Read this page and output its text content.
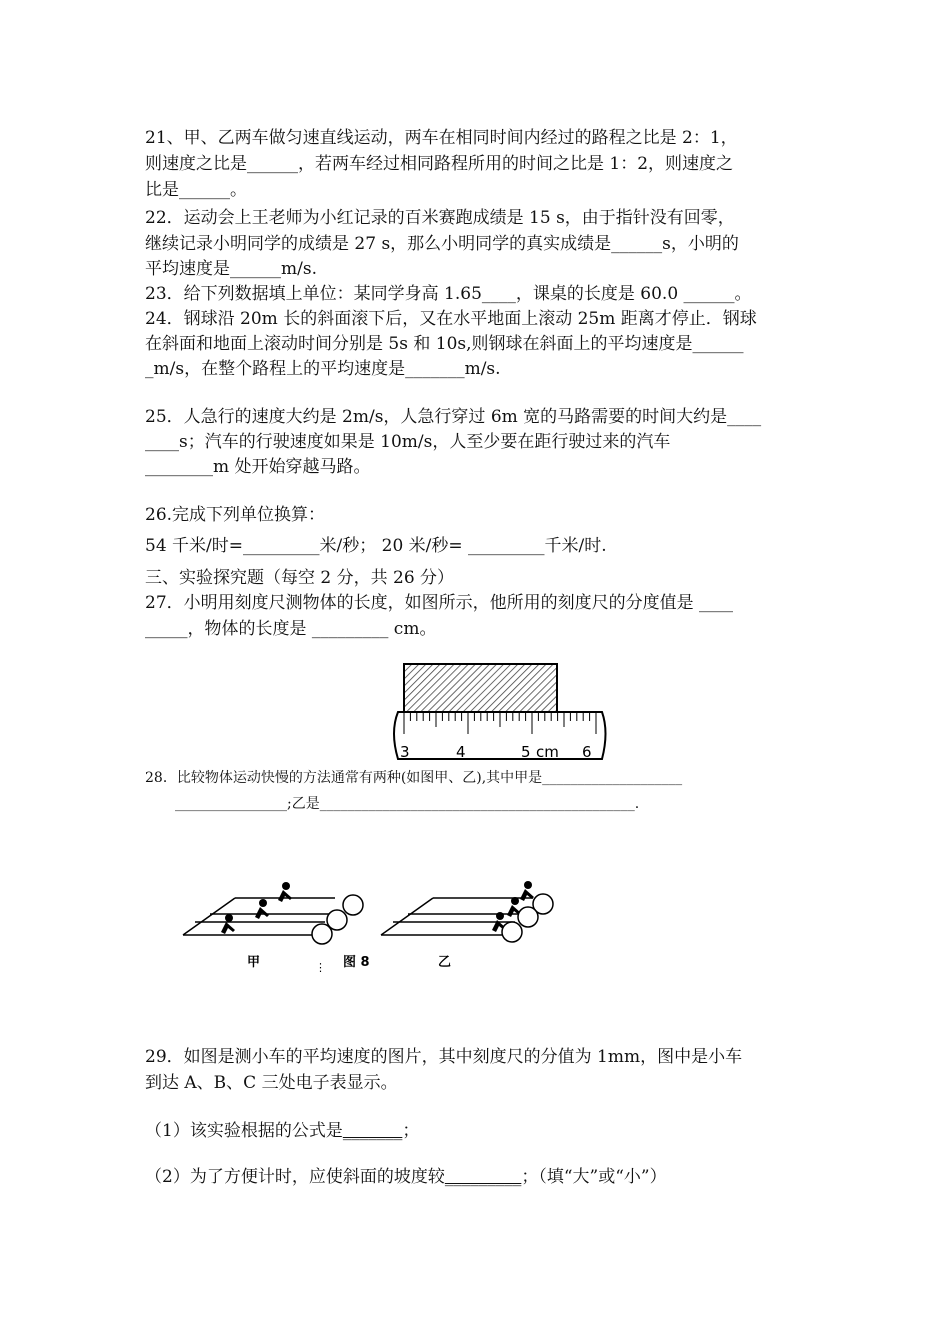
21、甲、乙两车做匀速直线运动，两车在相同时间内经过的路程之比是 2：1，
则速度之比是______，若两车经过相同路程所用的时间之比是 1：2，则速度之
比是______。
22．运动会上王老师为小红记录的百米赛跑成绩是 15 s，由于指针没有回零，
继续记录小明同学的成绩是 27 s，那么小明同学的真实成绩是______s，小明的
平均速度是______m/s.
23．给下列数据填上单位：某同学身高 1.65____，课桌的长度是 60.0 ______。
24．钢球沿 20m 长的斜面滚下后，又在水平地面上滚动 25m 距离才停止．钢球
在斜面和地面上滚动时间分别是 5s 和 10s,则钢球在斜面上的平均速度是______
_m/s，在整个路程上的平均速度是_______m/s.
25．人急行的速度大约是 2m/s，人急行穿过 6m 宽的马路需要的时间大约是____
____s；汽车的行驶速度如果是 10m/s，人至少要在距行驶过来的汽车
________m 处开始穿越马路。
26.完成下列单位换算：
54 千米/时=_________米/秒； 20 米/秒= _________千米/时.
三、实验探究题（每空 2 分，共 26 分）
27．小明用刻度尺测物体的长度，如图所示，他所用的刻度尺的分度值是 ____
_____，物体的长度是 _________ cm。
3	4	5 cm 6
28．比较物体运动快慢的方法通常有两种(如图甲、乙),其中甲是____________________
________________;乙是_____________________________________________.
甲	⋮ 图 8	乙
29．如图是测小车的平均速度的图片，其中刻度尺的分值为 1mm，图中是小车
到达 A、B、C 三处电子表显示。
（1）该实验根据的公式是_______；
（2）为了方便计时，应使斜面的坡度较_________；（填“大”或“小”）
